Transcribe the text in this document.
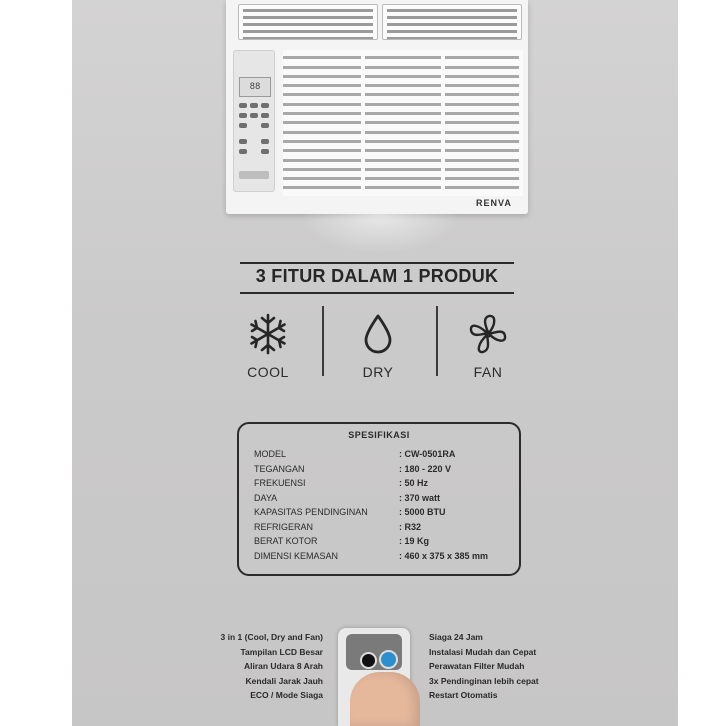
88
RENVA
3 FITUR DALAM 1 PRODUK
COOL	DRY	FAN
SPESIFIKASI
MODEL	: CW-0501RA
TEGANGAN	: 180 - 220 V
FREKUENSI	: 50 Hz
DAYA	: 370 watt
KAPASITAS PENDINGINAN	: 5000 BTU
REFRIGERAN	: R32
BERAT KOTOR	: 19 Kg
DIMENSI KEMASAN	: 460 x 375 x 385 mm
3 in 1 (Cool, Dry and Fan)
Tampilan LCD Besar
Aliran Udara 8 Arah
Kendali Jarak Jauh
ECO / Mode Siaga
Siaga 24 Jam
Instalasi Mudah dan Cepat
Perawatan Filter Mudah
3x Pendinginan lebih cepat
Restart Otomatis
